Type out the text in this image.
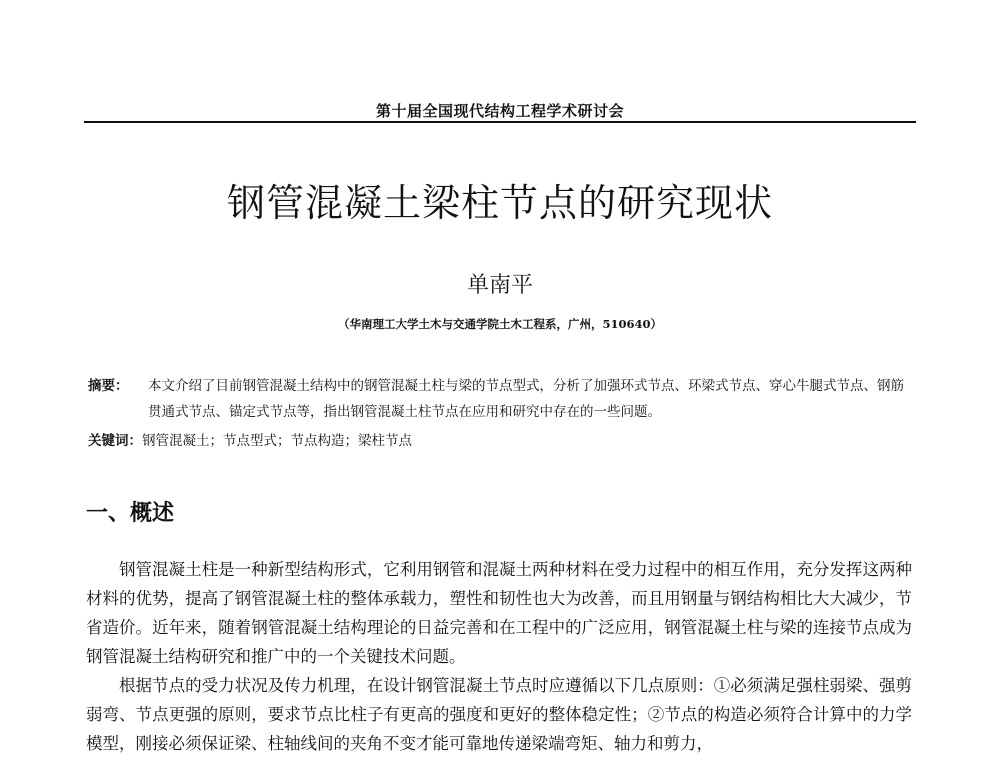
第十届全国现代结构工程学术研讨会
钢管混凝土梁柱节点的研究现状
单南平
（华南理工大学土木与交通学院土木工程系，广州，510640）
摘要：	本文介绍了目前钢管混凝土结构中的钢管混凝土柱与梁的节点型式，分析了加强环式节点、环梁式节点、穿心牛腿式节点、钢筋贯通式节点、锚定式节点等，指出钢管混凝土柱节点在应用和研究中存在的一些问题。
关键词： 钢管混凝土；节点型式；节点构造；梁柱节点
一、概述

钢管混凝土柱是一种新型结构形式，它利用钢管和混凝土两种材料在受力过程中的相互作用，充分发挥这两种材料的优势，提高了钢管混凝土柱的整体承载力，塑性和韧性也大为改善，而且用钢量与钢结构相比大大减少，节省造价。近年来，随着钢管混凝土结构理论的日益完善和在工程中的广泛应用，钢管混凝土柱与梁的连接节点成为钢管混凝土结构研究和推广中的一个关键技术问题。

根据节点的受力状况及传力机理，在设计钢管混凝土节点时应遵循以下几点原则：①必须满足强柱弱梁、强剪弱弯、节点更强的原则，要求节点比柱子有更高的强度和更好的整体稳定性；②节点的构造必须符合计算中的力学模型，刚接必须保证梁、柱轴线间的夹角不变才能可靠地传递梁端弯矩、轴力和剪力，
